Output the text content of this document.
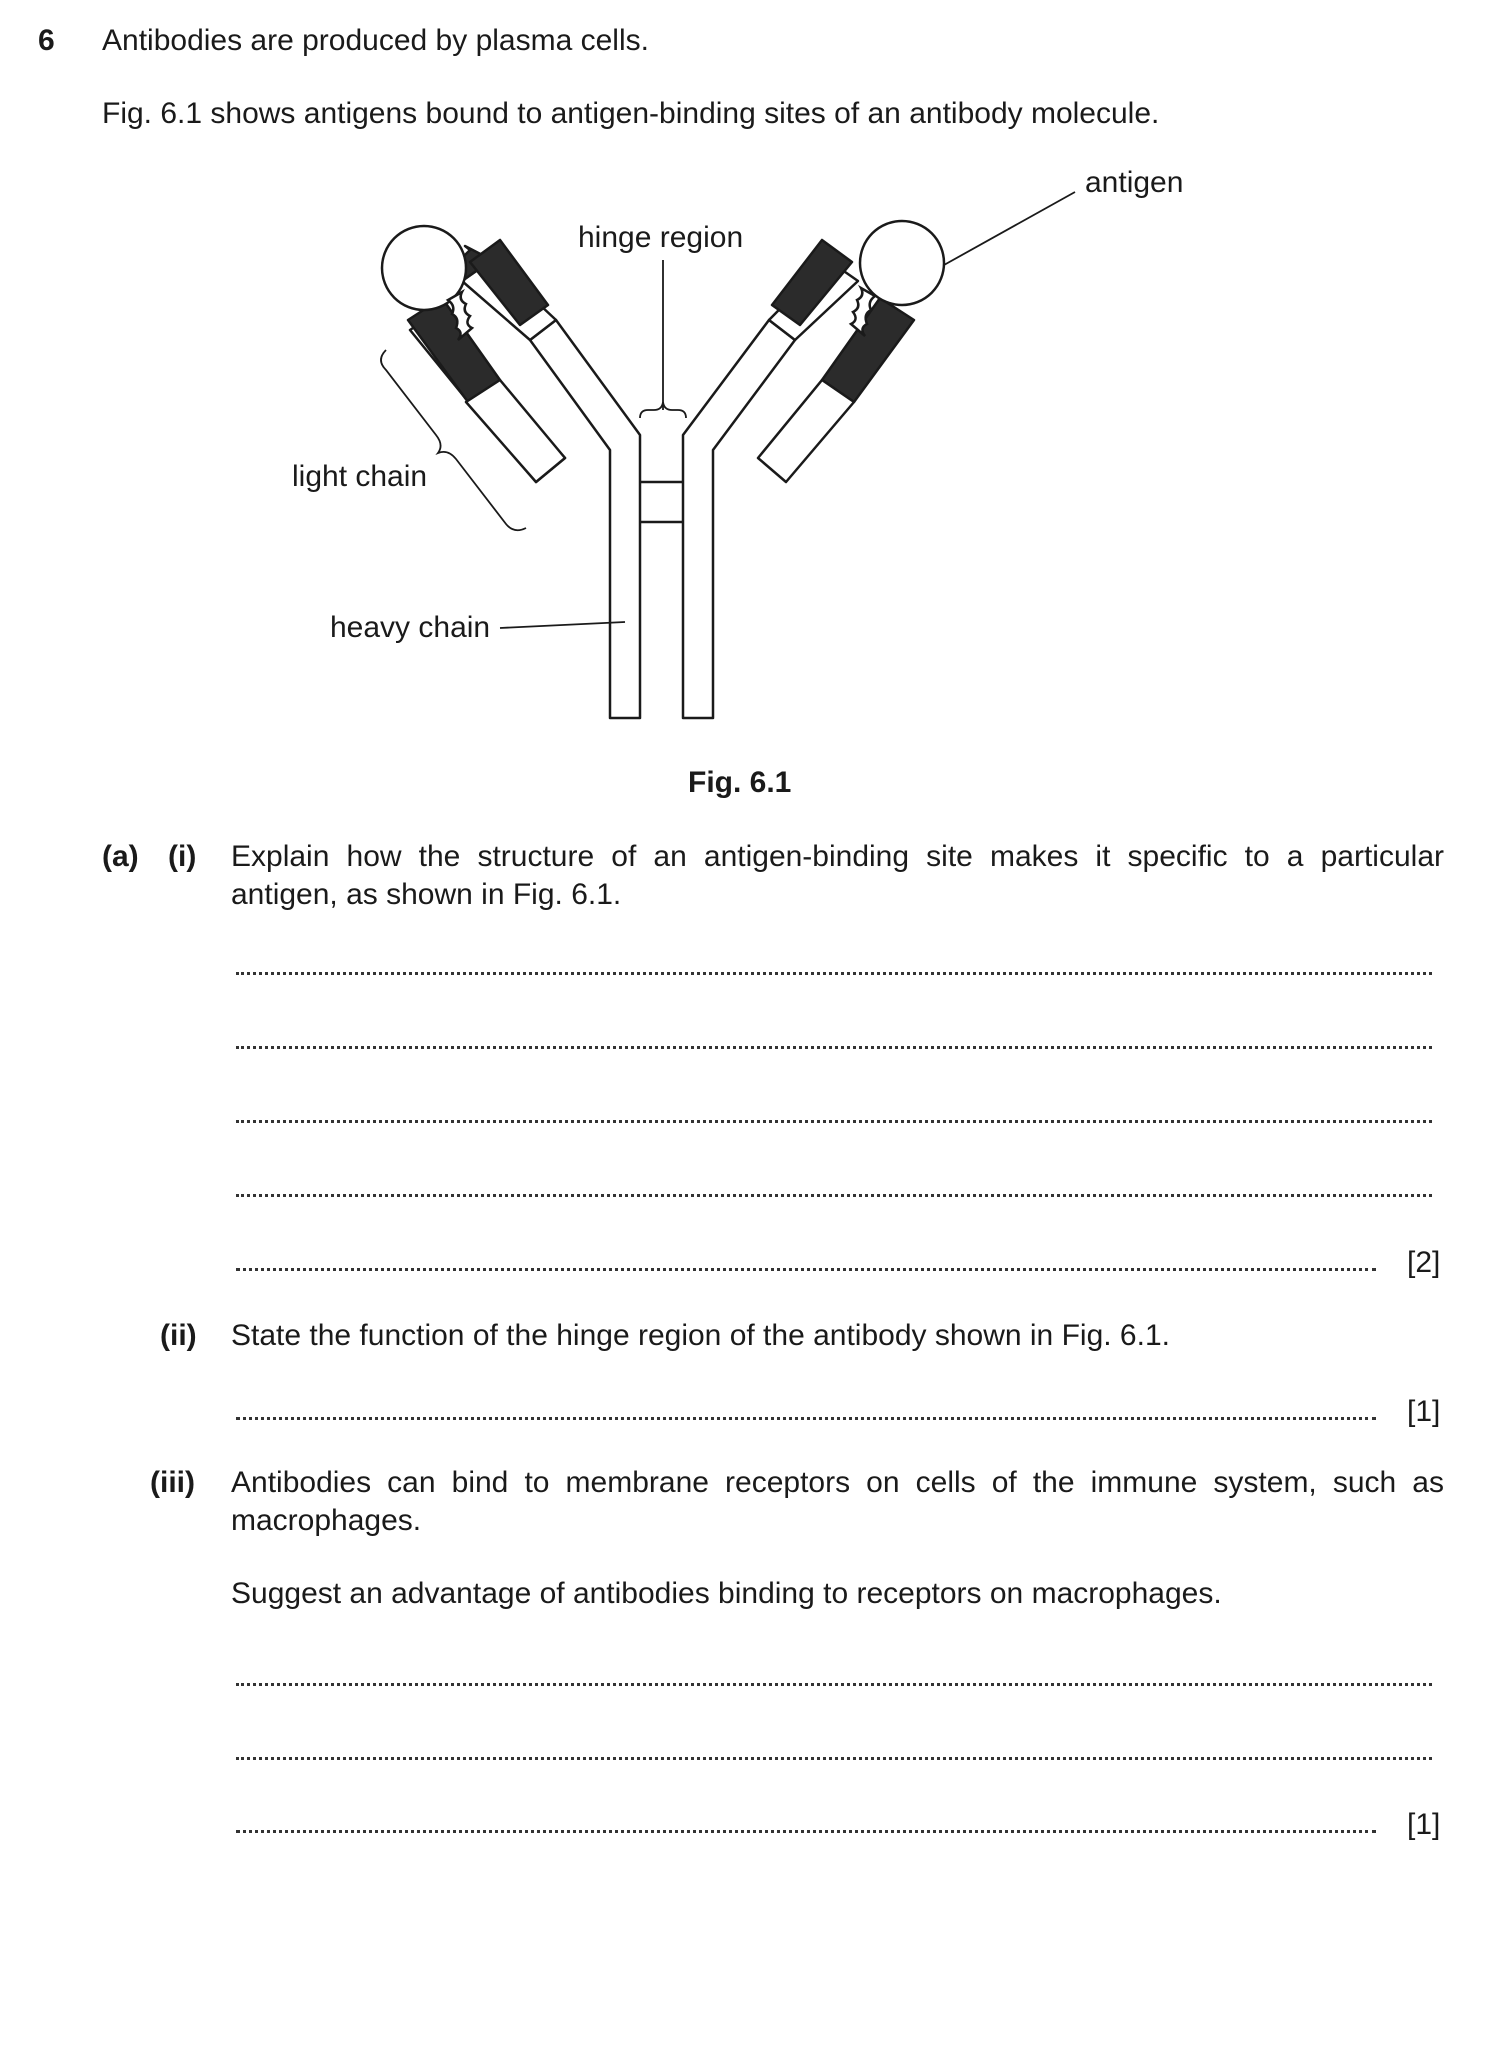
6 Antibodies are produced by plasma cells.
Fig. 6.1 shows antigens bound to antigen-binding sites of an antibody molecule.
antigen
hinge region
light chain
heavy chain
Fig. 6.1
(a) (i) Explain how the structure of an antigen-binding site makes it specific to a particular antigen, as shown in Fig. 6.1.
[2]
(ii) State the function of the hinge region of the antibody shown in Fig. 6.1.
[1]
(iii) Antibodies can bind to membrane receptors on cells of the immune system, such as macrophages.
Suggest an advantage of antibodies binding to receptors on macrophages.
[1]
